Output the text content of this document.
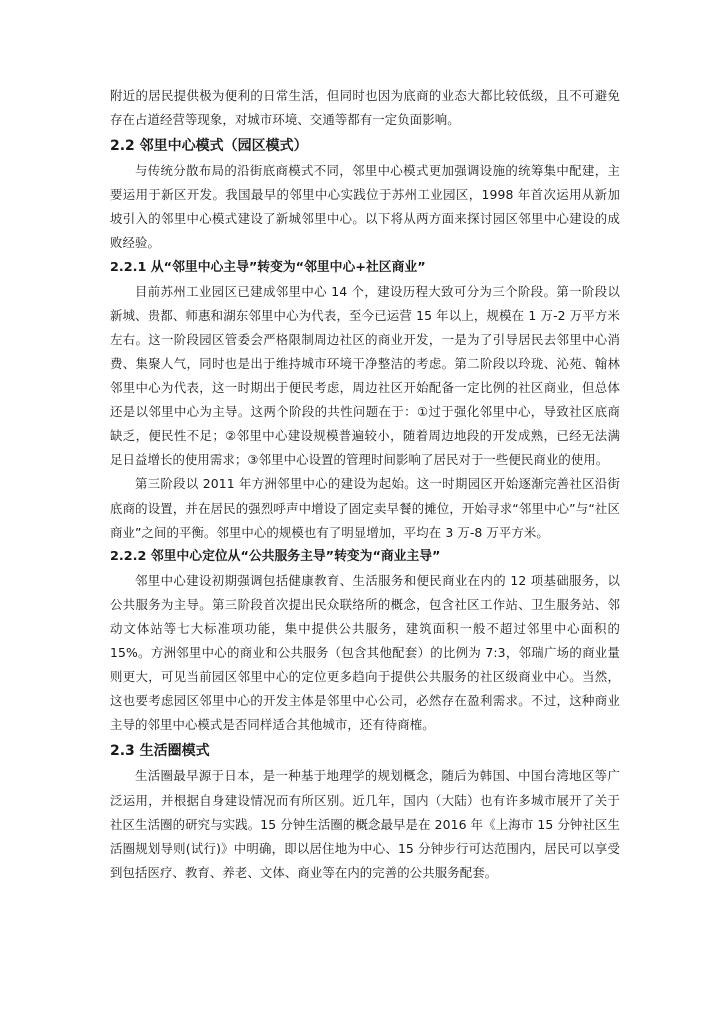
附近的居民提供极为便利的日常生活，但同时也因为底商的业态大都比较低级，且不可避免存在占道经营等现象，对城市环境、交通等都有一定负面影响。

2.2 邻里中心模式（园区模式）

与传统分散布局的沿街底商模式不同，邻里中心模式更加强调设施的统筹集中配建，主要运用于新区开发。我国最早的邻里中心实践位于苏州工业园区，1998 年首次运用从新加坡引入的邻里中心模式建设了新城邻里中心。以下将从两方面来探讨园区邻里中心建设的成败经验。

2.2.1 从“邻里中心主导”转变为“邻里中心+社区商业”

目前苏州工业园区已建成邻里中心 14 个，建设历程大致可分为三个阶段。第一阶段以新城、贵都、师惠和湖东邻里中心为代表，至今已运营 15 年以上，规模在 1 万-2 万平方米左右。这一阶段园区管委会严格限制周边社区的商业开发，一是为了引导居民去邻里中心消费、集聚人气，同时也是出于维持城市环境干净整洁的考虑。第二阶段以玲珑、沁苑、翰林邻里中心为代表，这一时期出于便民考虑，周边社区开始配备一定比例的社区商业，但总体还是以邻里中心为主导。这两个阶段的共性问题在于：①过于强化邻里中心，导致社区底商缺乏，便民性不足；②邻里中心建设规模普遍较小，随着周边地段的开发成熟，已经无法满足日益增长的使用需求；③邻里中心设置的管理时间影响了居民对于一些便民商业的使用。

第三阶段以 2011 年方洲邻里中心的建设为起始。这一时期园区开始逐渐完善社区沿街底商的设置，并在居民的强烈呼声中增设了固定卖早餐的摊位，开始寻求“邻里中心”与“社区商业”之间的平衡。邻里中心的规模也有了明显增加，平均在 3 万-8 万平方米。

2.2.2 邻里中心定位从“公共服务主导”转变为“商业主导”

邻里中心建设初期强调包括健康教育、生活服务和便民商业在内的 12 项基础服务，以公共服务为主导。第三阶段首次提出民众联络所的概念，包含社区工作站、卫生服务站、邻动文体站等七大标准项功能，集中提供公共服务，建筑面积一般不超过邻里中心面积的 15%。方洲邻里中心的商业和公共服务（包含其他配套）的比例为 7:3，邻瑞广场的商业量则更大，可见当前园区邻里中心的定位更多趋向于提供公共服务的社区级商业中心。当然，这也要考虑园区邻里中心的开发主体是邻里中心公司，必然存在盈利需求。不过，这种商业主导的邻里中心模式是否同样适合其他城市，还有待商榷。

2.3 生活圈模式

生活圈最早源于日本，是一种基于地理学的规划概念，随后为韩国、中国台湾地区等广泛运用，并根据自身建设情况而有所区别。近几年，国内（大陆）也有许多城市展开了关于社区生活圈的研究与实践。15 分钟生活圈的概念最早是在 2016 年《上海市 15 分钟社区生活圈规划导则(试行)》中明确，即以居住地为中心、15 分钟步行可达范围内，居民可以享受到包括医疗、教育、养老、文体、商业等在内的完善的公共服务配套。
